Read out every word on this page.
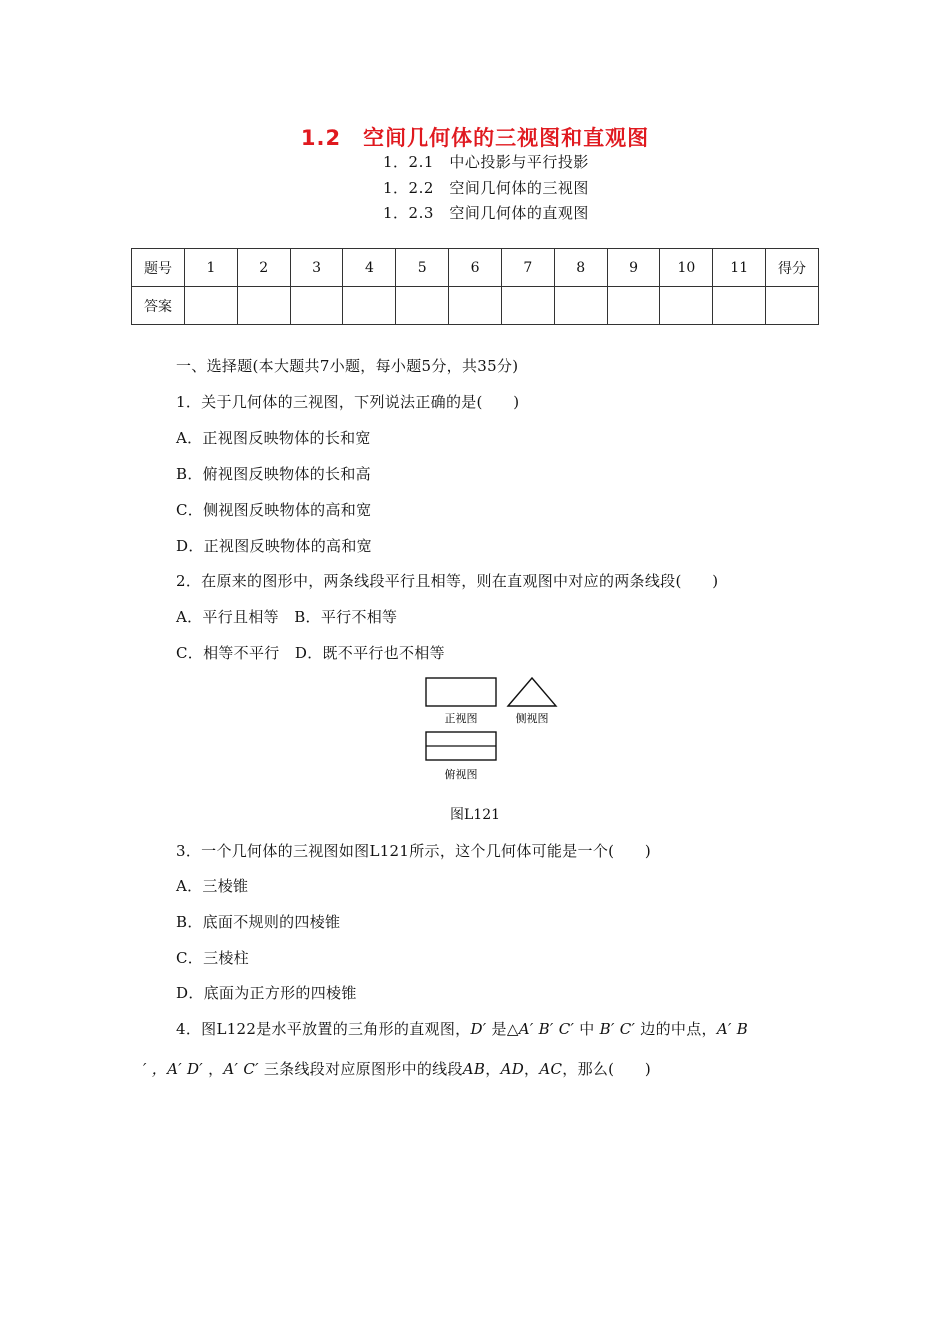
1.2　空间几何体的三视图和直观图
1．2.1　中心投影与平行投影
1．2.2　空间几何体的三视图
1．2.3　空间几何体的直观图
题号	1	2	3	4	5	6	7	8	9	10	11	得分
答案												
一、选择题(本大题共7小题，每小题5分，共35分)
1．关于几何体的三视图，下列说法正确的是(　　)
A．正视图反映物体的长和宽
B．俯视图反映物体的长和高
C．侧视图反映物体的高和宽
D．正视图反映物体的高和宽
2．在原来的图形中，两条线段平行且相等，则在直观图中对应的两条线段(　　)
A．平行且相等　B．平行不相等
C．相等不平行　D．既不平行也不相等
正视图	侧视图
俯视图
图L121
3．一个几何体的三视图如图L121所示，这个几何体可能是一个(　　)
A．三棱锥
B．底面不规则的四棱锥
C．三棱柱
D．底面为正方形的四棱锥
4．图L122是水平放置的三角形的直观图，D′ 是△A′ B′ C′ 中 B′ C′ 边的中点，A′ B
′ ，A′ D′ ，A′ C′ 三条线段对应原图形中的线段AB，AD，AC，那么(　　)
